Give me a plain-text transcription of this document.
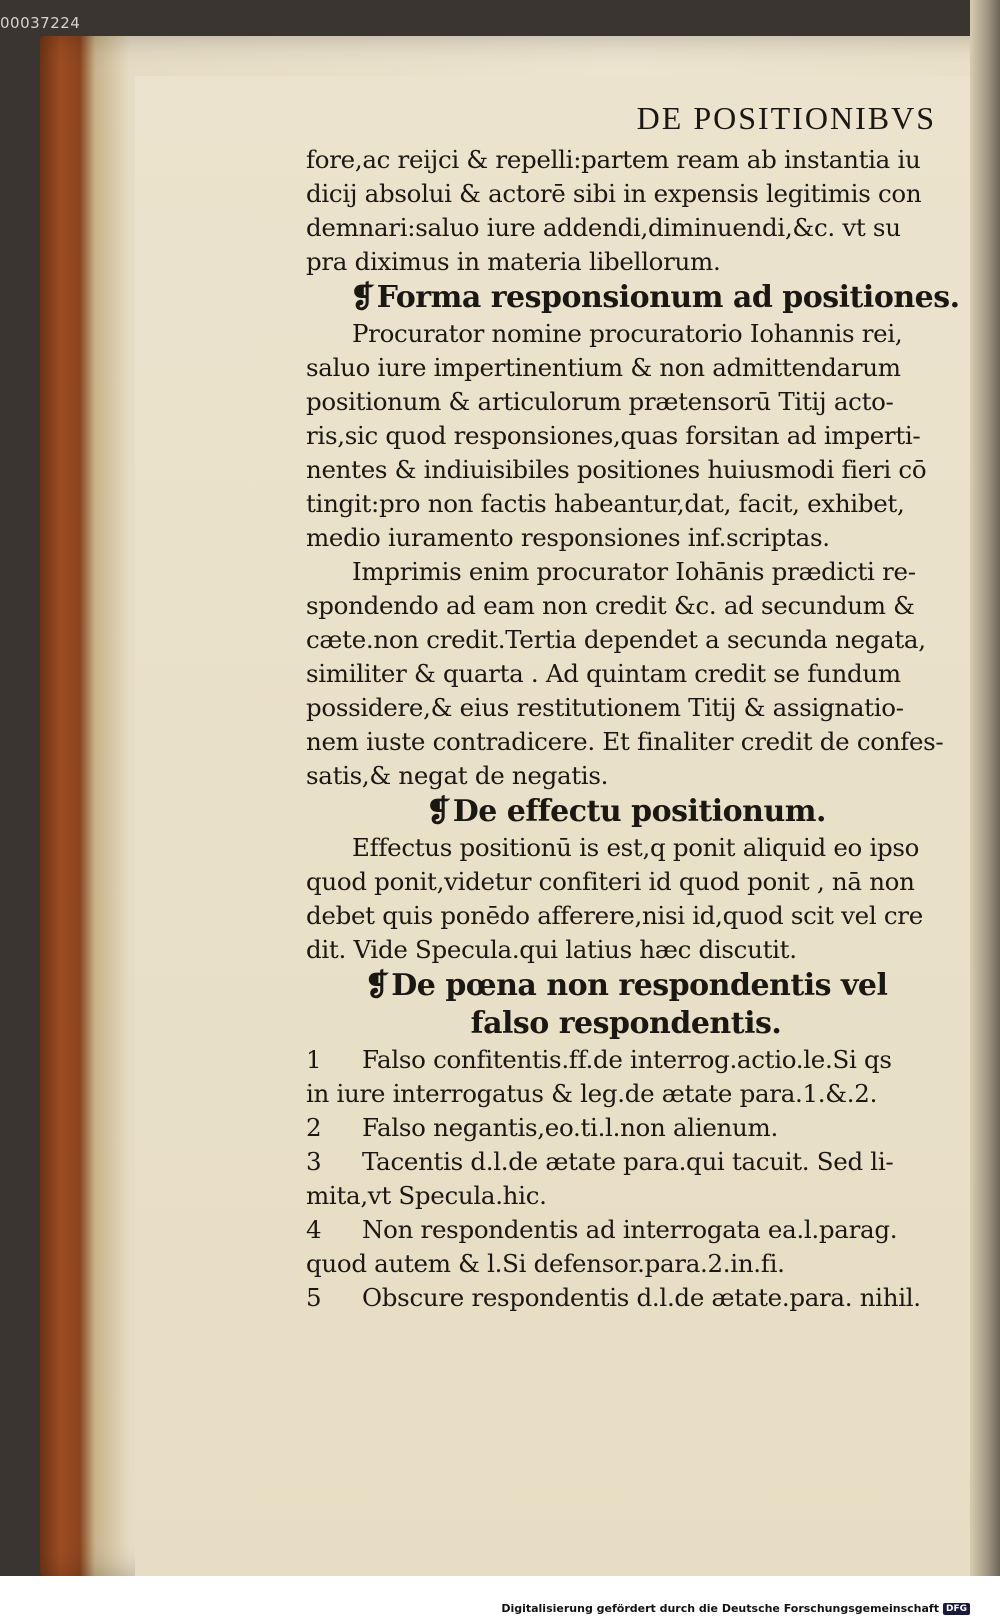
00037224
DE POSITIONIBVS
fore,ac reijci & repelli:partem ream ab instantia iu
dicij absolui & actorē sibi in expensis legitimis con
demnari:saluo iure addendi,diminuendi,&c. vt su
pra diximus in materia libellorum.
❡Forma responsionum ad positiones.
Procurator nomine procuratorio Iohannis rei,
saluo iure impertinentium & non admittendarum
positionum & articulorum prætensorū Titij acto-
ris,sic quod responsiones,quas forsitan ad imperti-
nentes & indiuisibiles positiones huiusmodi fieri cō
tingit:pro non factis habeantur,dat, facit, exhibet,
medio iuramento responsiones inf.scriptas.
Imprimis enim procurator Iohānis prædicti re-
spondendo ad eam non credit &c. ad secundum &
cæte.non credit.Tertia dependet a secunda negata,
similiter & quarta . Ad quintam credit se fundum
possidere,& eius restitutionem Titij & assignatio-
nem iuste contradicere. Et finaliter credit de confes-
satis,& negat de negatis.
❡De effectu positionum.
Effectus positionū is est,q ponit aliquid eo ipso
quod ponit,videtur confiteri id quod ponit , nā non
debet quis ponēdo afferere,nisi id,quod scit vel cre
dit. Vide Specula.qui latius hæc discutit.
❡De pœna non respondentis vel
falso respondentis.
1	Falso confitentis.ff.de interrog.actio.le.Si qs
in iure interrogatus & leg.de ætate para.1.&.2.
2	Falso negantis,eo.ti.l.non alienum.
3	Tacentis d.l.de ætate para.qui tacuit. Sed li-
mita,vt Specula.hic.
4	Non respondentis ad interrogata ea.l.parag.
quod autem & l.Si defensor.para.2.in.fi.
5	Obscure respondentis d.l.de ætate.para. nihil.
Digitalisierung gefördert durch die Deutsche Forschungsgemeinschaft DFG
